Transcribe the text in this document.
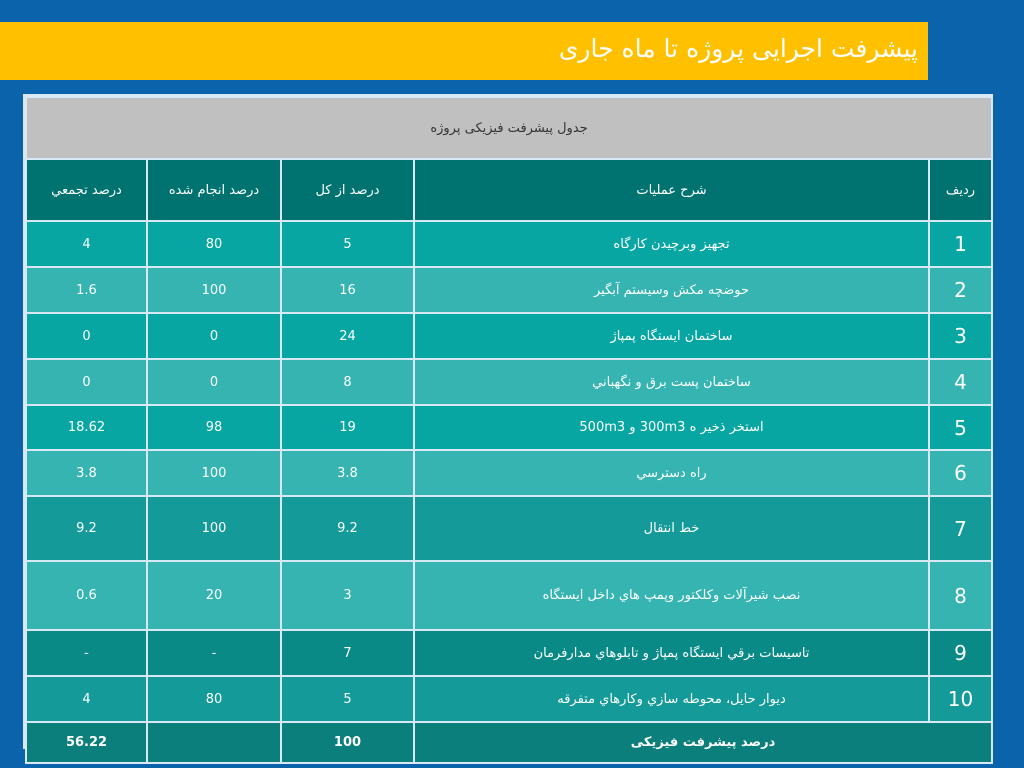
پیشرفت اجرایی پروژه تا ماه جاری
جدول پیشرفت فیزیکی پروژه				
ردیف	شرح عملیات	درصد از کل	درصد انجام شده	درصد تجمعي
1	تجهیز وبرچیدن کارگاه	5	80	4
2	حوضچه مکش وسیستم آبگیر	16	100	1.6
3	ساختمان ایستگاه پمپاژ	24	0	0
4	ساختمان پست برق و نگهباني	8	0	0
5	استخر ذخیر ه 300m3 و 500m3	19	98	18.62
6	راه دسترسي	3.8	100	3.8
7	خط انتقال	9.2	100	9.2
8	نصب شیرآلات وکلکتور وپمپ هاي داخل ایستگاه	3	20	0.6
9	تاسیسات برقي ایستگاه پمپاژ و تابلوهاي مدارفرمان	7	-	-
10	دیوار حایل، محوطه سازي وکارهاي متفرقه	5	80	4
درصد پیشرفت فیزیکی		100		56.22
